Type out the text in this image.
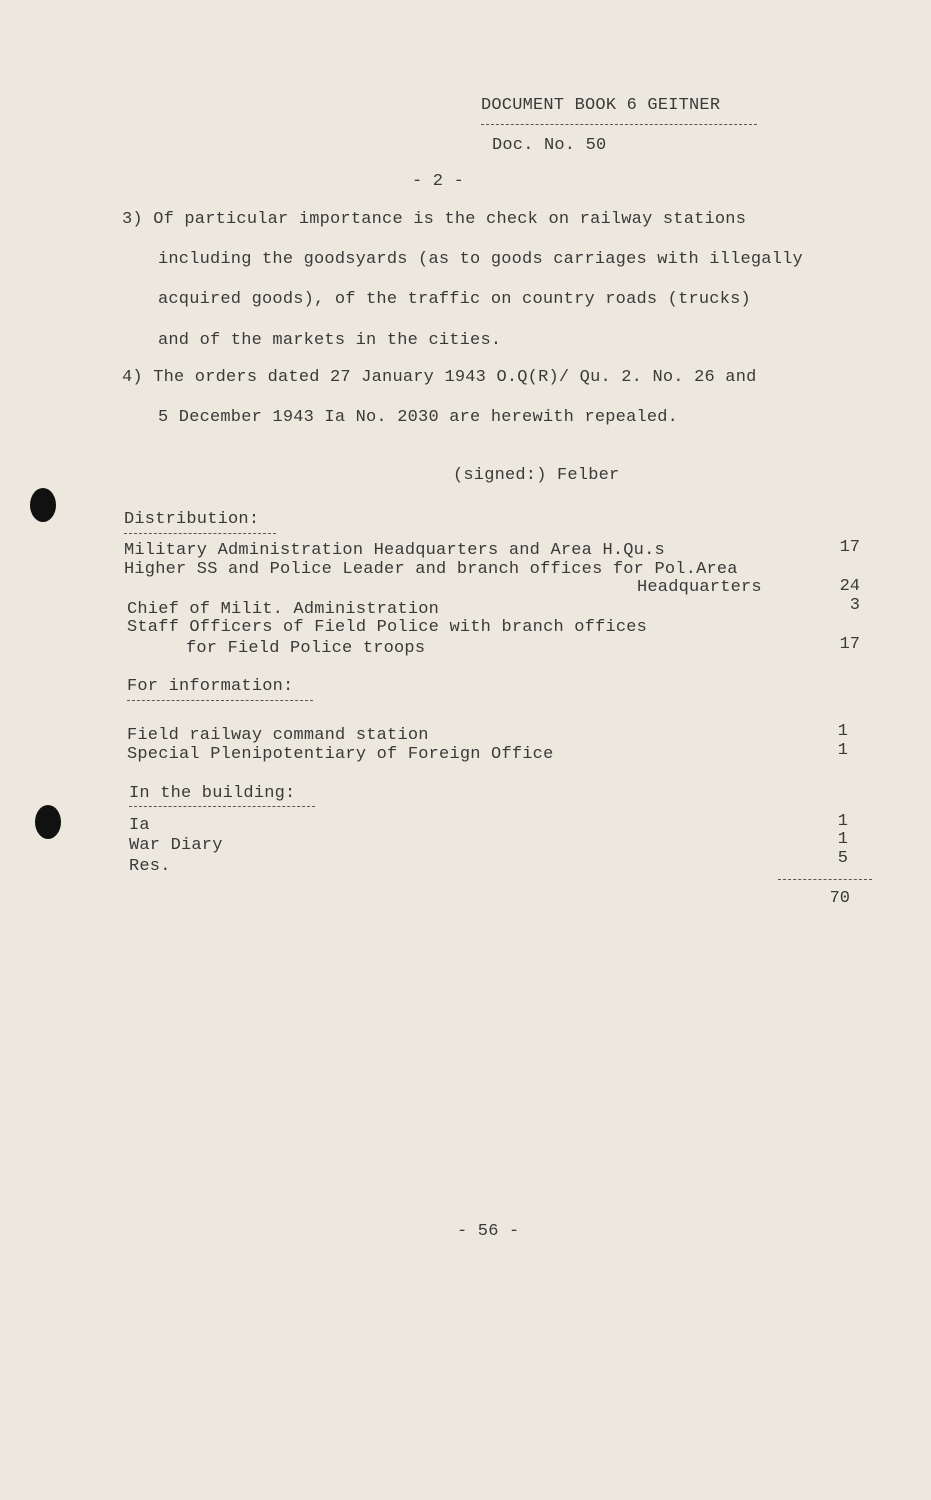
DOCUMENT BOOK 6 GEITNER
Doc. No. 50
- 2 -
3) Of particular importance is the check on railway stations
including the goodsyards (as to goods carriages with illegally
acquired goods), of the traffic on country roads (trucks)
and of the markets in the cities.
4) The orders dated 27 January 1943 O.Q(R)/ Qu. 2. No. 26 and
5 December 1943 Ia No. 2030 are herewith repealed.
(signed:) Felber
Distribution:
Military Administration Headquarters and Area H.Qu.s	17
Higher SS and Police Leader and branch offices for Pol.Area
Headquarters	24
Chief of Milit. Administration	3
Staff Officers of Field Police with branch offices
for Field Police troops	17
For information:
Field railway command station	1
Special Plenipotentiary of Foreign Office	1
In the building:
Ia	1
War Diary	1
Res.	5
70
- 56 -
